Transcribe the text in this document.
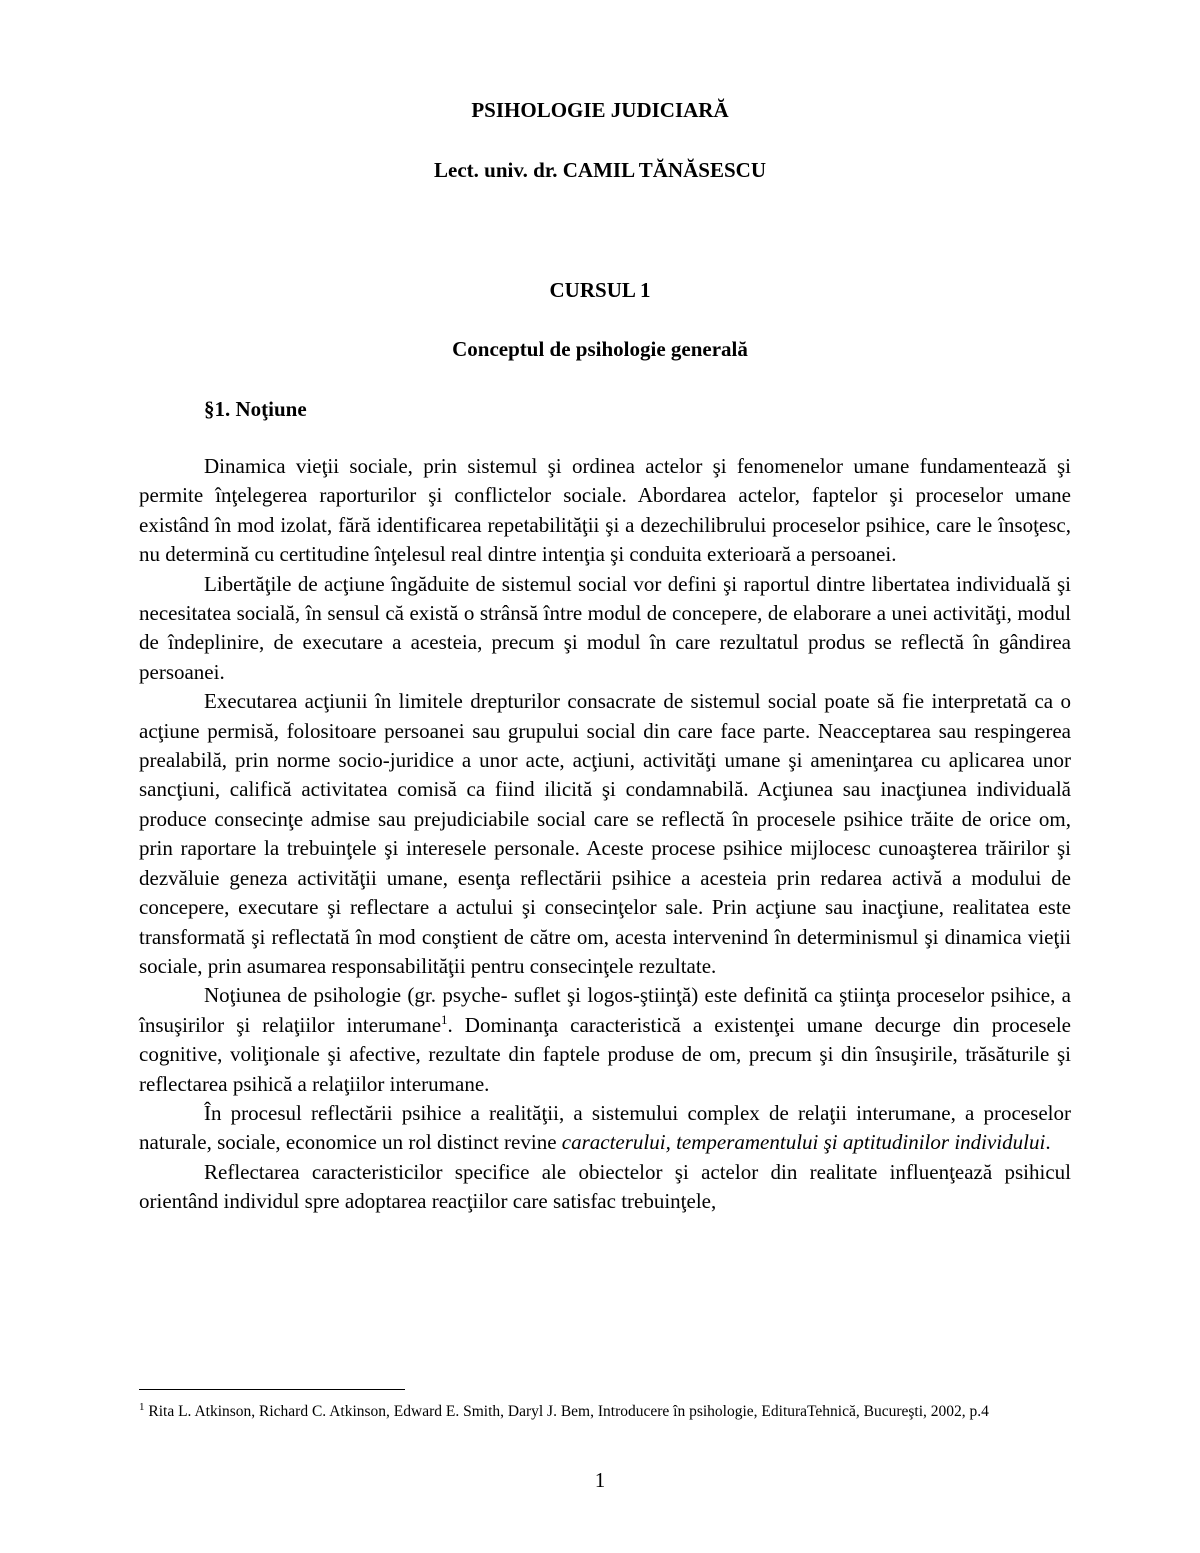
PSIHOLOGIE JUDICIARĂ
Lect. univ. dr. CAMIL TĂNĂSESCU
CURSUL 1
Conceptul de psihologie generală
§1. Noţiune

Dinamica vieţii sociale, prin sistemul şi ordinea actelor şi fenomenelor umane fundamentează şi permite înţelegerea raporturilor şi conflictelor sociale. Abordarea actelor, faptelor şi proceselor umane existând în mod izolat, fără identificarea repetabilităţii şi a dezechilibrului proceselor psihice, care le însoţesc, nu determină cu certitudine înţelesul real dintre intenţia şi conduita exterioară a persoanei.

Libertăţile de acţiune îngăduite de sistemul social vor defini şi raportul dintre libertatea individuală şi necesitatea socială, în sensul că există o strânsă între modul de concepere, de elaborare a unei activităţi, modul de îndeplinire, de executare a acesteia, precum şi modul în care rezultatul produs se reflectă în gândirea persoanei.

Executarea acţiunii în limitele drepturilor consacrate de sistemul social poate să fie interpretată ca o acţiune permisă, folositoare persoanei sau grupului social din care face parte. Neacceptarea sau respingerea prealabilă, prin norme socio-juridice a unor acte, acţiuni, activităţi umane şi ameninţarea cu aplicarea unor sancţiuni, califică activitatea comisă ca fiind ilicită şi condamnabilă. Acţiunea sau inacţiunea individuală produce consecinţe admise sau prejudiciabile social care se reflectă în procesele psihice trăite de orice om, prin raportare la trebuinţele şi interesele personale. Aceste procese psihice mijlocesc cunoaşterea trăirilor şi dezvăluie geneza activităţii umane, esenţa reflectării psihice a acesteia prin redarea activă a modului de concepere, executare şi reflectare a actului şi consecinţelor sale. Prin acţiune sau inacţiune, realitatea este transformată şi reflectată în mod conştient de către om, acesta intervenind în determinismul şi dinamica vieţii sociale, prin asumarea responsabilităţii pentru consecinţele rezultate.

Noţiunea de psihologie (gr. psyche- suflet şi logos-ştiinţă) este definită ca ştiinţa proceselor psihice, a însuşirilor şi relaţiilor interumane$^1$. Dominanţa caracteristică a existenţei umane decurge din procesele cognitive, voliţionale şi afective, rezultate din faptele produse de om, precum şi din însuşirile, trăsăturile şi reflectarea psihică a relaţiilor interumane.

În procesul reflectării psihice a realităţii, a sistemului complex de relaţii interumane, a proceselor naturale, sociale, economice un rol distinct revine caracterului, temperamentului şi aptitudinilor individului.

Reflectarea caracteristicilor specifice ale obiectelor şi actelor din realitate influenţează psihicul orientând individul spre adoptarea reacţiilor care satisfac trebuinţele,

$^1$ Rita L. Atkinson, Richard C. Atkinson, Edward E. Smith, Daryl J. Bem, Introducere în psihologie, EdituraTehnică, Bucureşti, 2002, p.4
1
